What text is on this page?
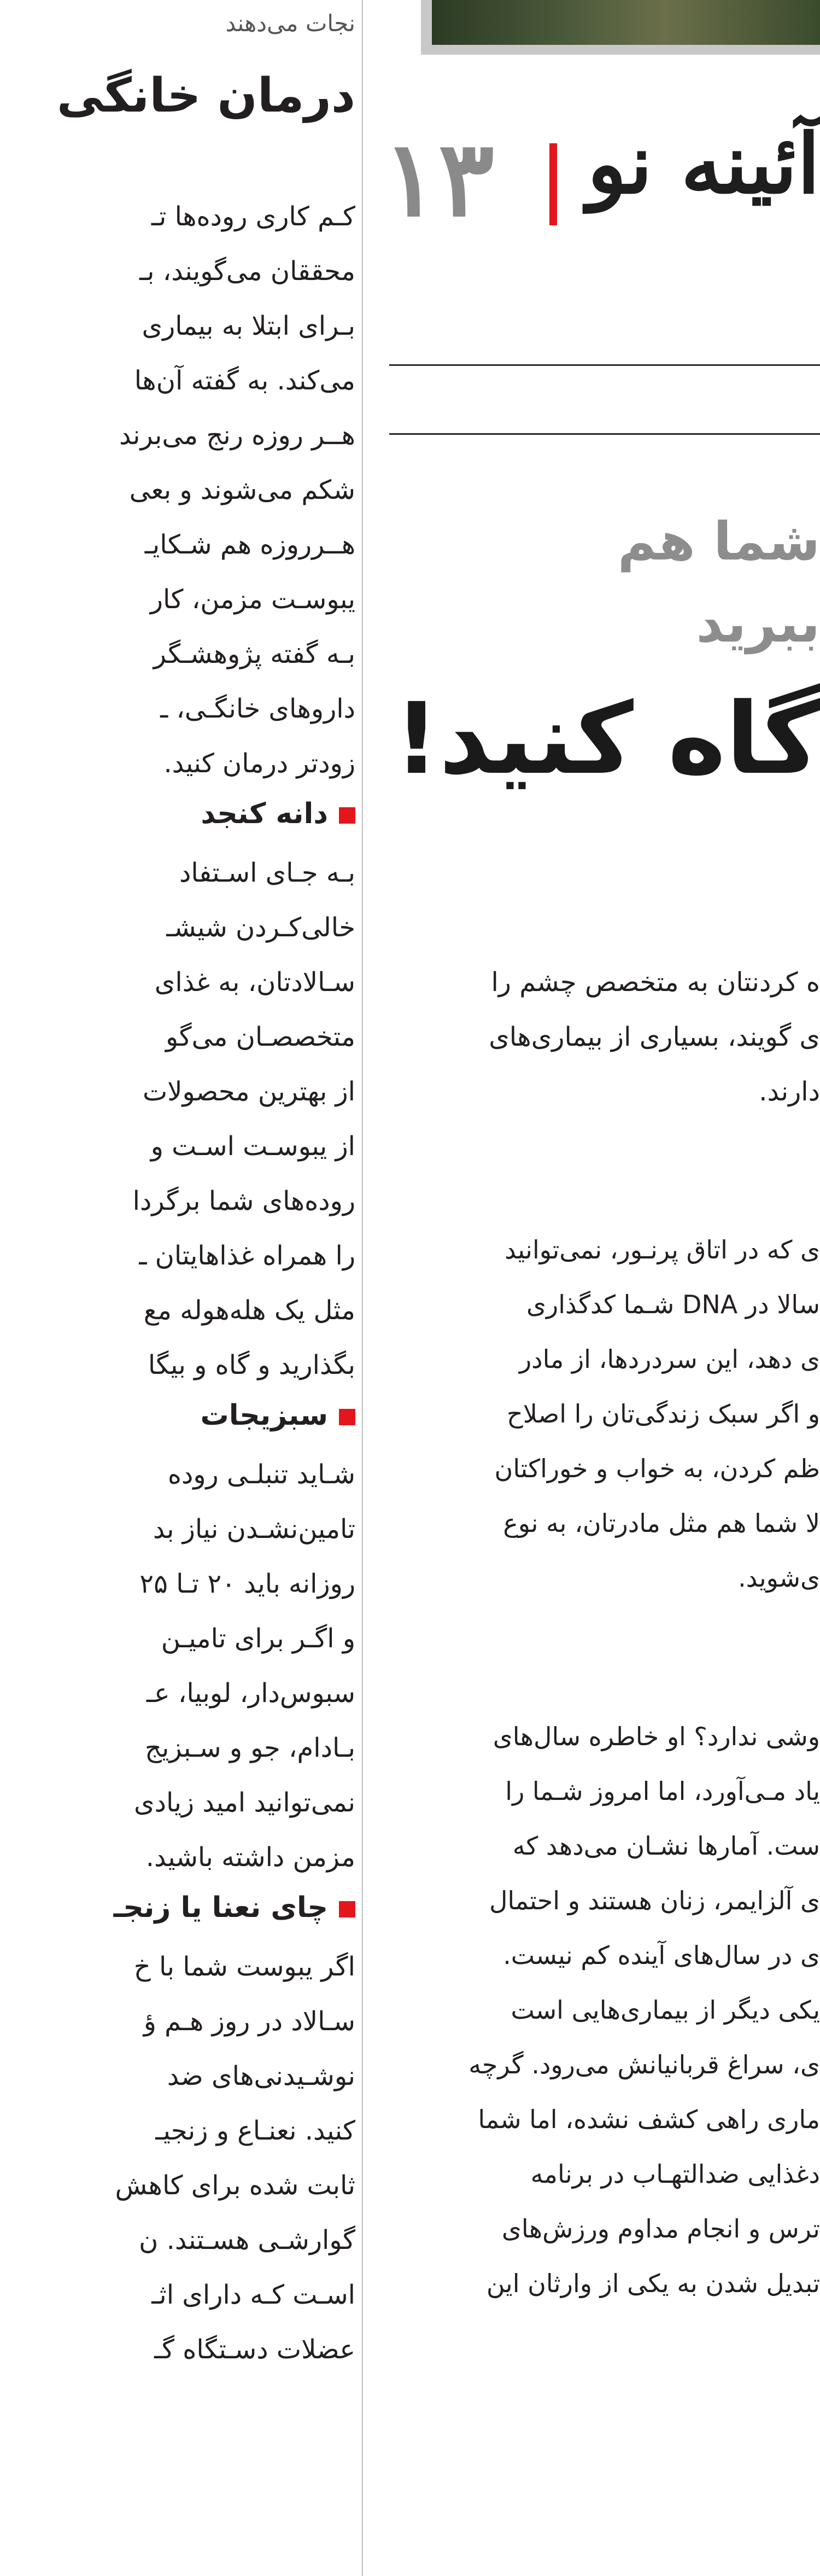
نجات می‌دهند
درمان خانگی
کـم کاری روده‌ها تـ
محققان می‌گویند، بـ
بـرای ابتلا به بیماری
می‌کند. به گفته آن‌ها
هــر روزه رنج می‌برند
شکم می‌شوند و بعی
هــرروزه هم شـکایـ
یبوسـت مزمن، کار
بـه گفته پژوهشـگر
داروهای خانگـی، ـ
زودتر درمان کنید.
دانه کنجد
بـه جـای اسـتفاد
خالی‌کـردن شیشـ
سـالادتان، به غذای
متخصصـان می‌گو
از بهترین محصولات
از یبوسـت اسـت و
روده‌های شما برگردا
را همراه غذاهایتان ـ
مثل یک هله‌هوله مع
بگذارید و گاه و بیگا
سبزیجات
شـاید تنبلـی روده
تامین‌نشـدن نیاز بد
روزانه باید ۲۰ تـا ۲۵
و اگـر برای تامیـن
سبوس‌دار، لوبیا، عـ
بـادام، جو و سـبزیج
نمی‌توانید امید زیادی
مزمن داشته باشید.
چای نعنا یا زنجـ
اگر یبوست شما با خ
سـالاد در روز هـم ؤ
نوشـیدنی‌های ضد
کنید. نعنـاع و زنجیـ
ثابت شده برای کاهش
گوارشـی هسـتند. ن
اسـت کـه دارای اثـ
عضلات دسـتگاه گـ
۱۳ آئینه نو
شما هم
ببرید
گاه کنید!
ه کردنتان به متخصص چشم را
ی گویند، بسیاری از بیماری‌های
دارند.
ی که در اتاق پرنـور، نمی‌توانید
سالا در DNA شـما کدگذاری
ی دهد، این سردردها، از مادر
و اگر سبک زندگی‌تان را اصلاح
ظم کردن، به خواب و خوراکتان
لا شما هم مثل مادرتان، به نوع
ی‌شوید.
وشی ندارد؟ او خاطره سال‌های
یاد مـی‌آورد، اما امروز شـما را
ست. آمارها نشـان می‌دهد که
ی آلزایمر، زنان هستند و احتمال
ی در سال‌های آینده کم نیست.
یکی دیگر از بیماری‌هایی است
ی، سراغ قربانیانش می‌رود. گرچه
ماری راهی کشف نشده، اما شما
دغذایی ضدالتهـاب در برنامه
ترس و انجام مداوم ورزش‌های
تبدیل شدن به یکی از وارثان این
